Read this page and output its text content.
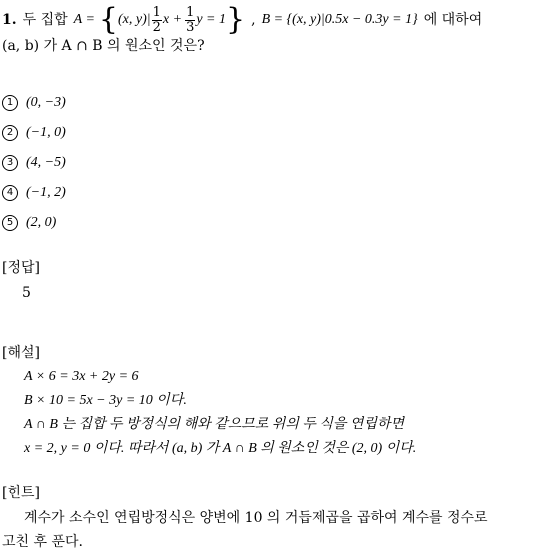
1. 두 집합 A = { (x, $y)| \frac{1}{2}$ $x + \frac{1}{3}$ y = 1 } , B = {(x, y)|0.5x − 0.3y = 1} 에 대하여
(a, b) 가 A ∩ B 의 원소인 것은?
1 (0, −3)
2 (−1, 0)
3 (4, −5)
4 (−1, 2)
5 (2, 0)
[정답]
5
[해설]
A × 6 = 3x + 2y = 6
B × 10 = 5x − 3y = 10 이다.
A ∩ B 는 집합 두 방정식의 해와 같으므로 위의 두 식을 연립하면
x = 2, y = 0 이다. 따라서 (a, b) 가 A ∩ B 의 원소인 것은 (2, 0) 이다.
[힌트]
계수가 소수인 연립방정식은 양변에 10 의 거듭제곱을 곱하여 계수를 정수로
고친 후 푼다.
